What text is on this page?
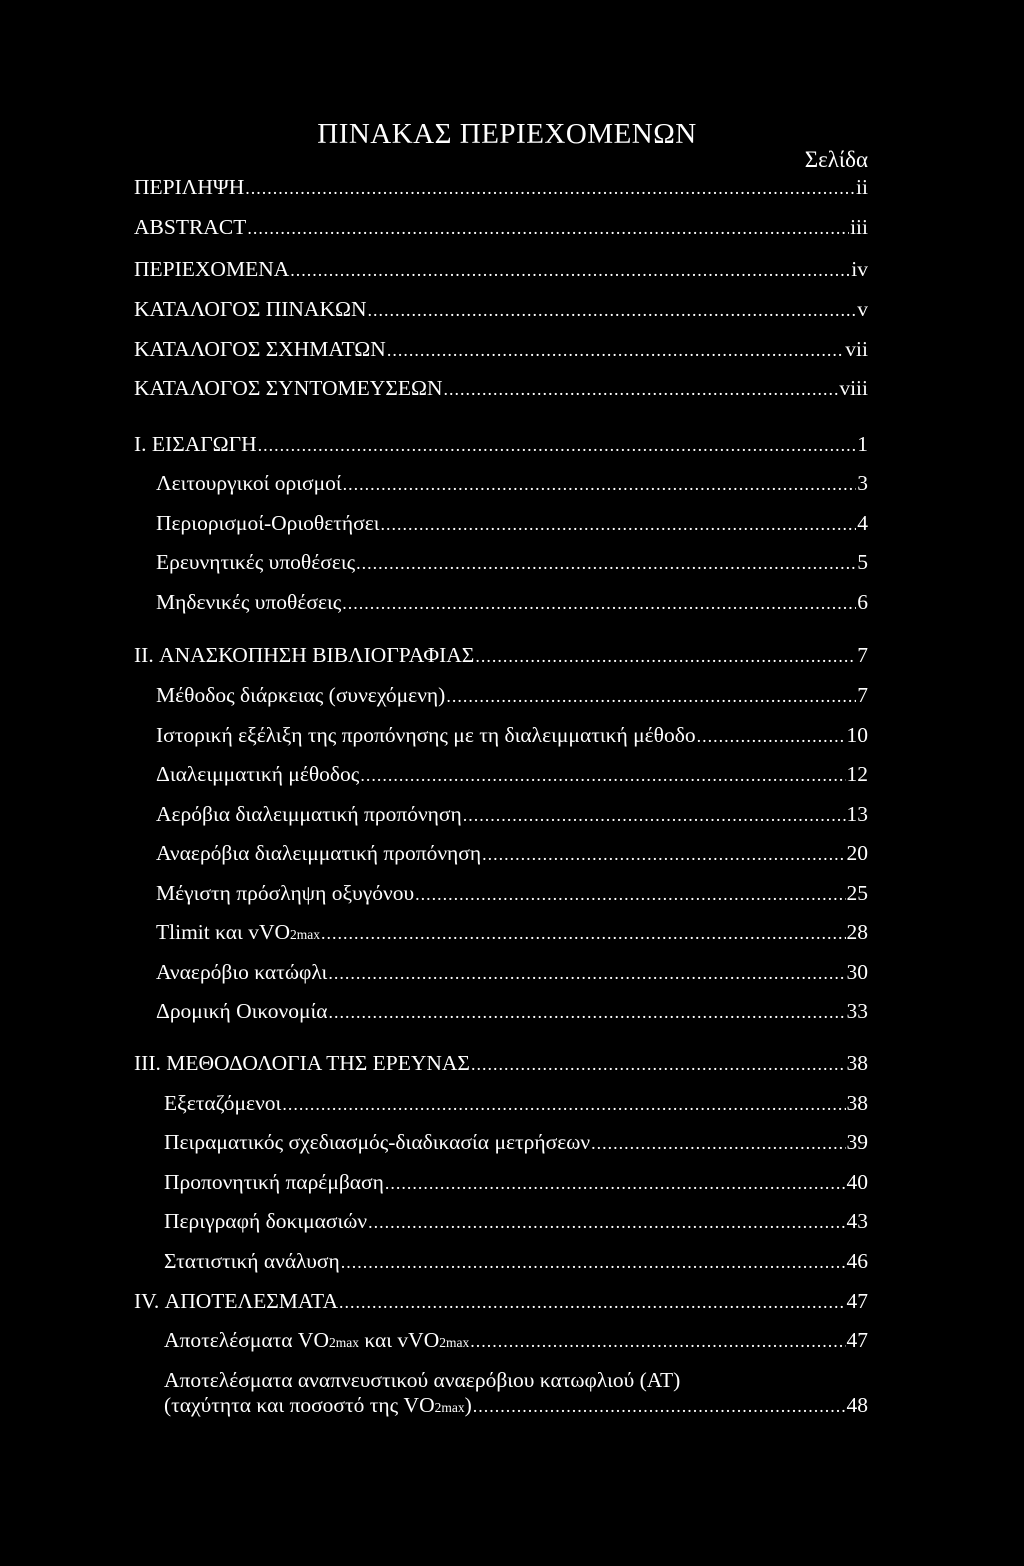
ΠΙΝΑΚΑΣ ΠΕΡΙΕΧΟΜΕΝΩΝ
Σελίδα
ΠΕΡΙΛΗΨΗ .....	ii
ABSTRACT .....	iii
ΠΕΡΙΕΧΟΜΕΝΑ .....	iv
ΚΑΤΑΛΟΓΟΣ ΠΙΝΑΚΩΝ .....	v
ΚΑΤΑΛΟΓΟΣ ΣΧΗΜΑΤΩΝ .....	vii
ΚΑΤΑΛΟΓΟΣ ΣΥΝΤΟΜΕΥΣΕΩΝ .....	viii
I. ΕΙΣΑΓΩΓΗ .....	1
Λειτουργικοί ορισμοί .....	3
Περιορισμοί-Οριοθετήσει .....	4
Ερευνητικές υποθέσεις .....	5
Μηδενικές υποθέσεις .....	6
II. ΑΝΑΣΚΟΠΗΣΗ ΒΙΒΛΙΟΓΡΑΦΙΑΣ .....	7
Μέθοδος διάρκειας (συνεχόμενη) .....	7
Ιστορική εξέλιξη της προπόνησης με τη διαλειμματική μέθοδο .....	10
Διαλειμματική μέθοδος .....	12
Αερόβια διαλειμματική προπόνηση .....	13
Αναερόβια διαλειμματική προπόνηση .....	20
Μέγιστη πρόσληψη οξυγόνου .....	25
Tlimit και vVO2max .....	28
Αναερόβιο κατώφλι .....	30
Δρομική Οικονομία .....	33
III. ΜΕΘΟΔΟΛΟΓΙΑ ΤΗΣ ΕΡΕΥΝΑΣ .....	38
Εξεταζόμενοι .....	38
Πειραματικός σχεδιασμός-διαδικασία μετρήσεων .....	39
Προπονητική παρέμβαση .....	40
Περιγραφή δοκιμασιών .....	43
Στατιστική ανάλυση .....	46
IV. ΑΠΟΤΕΛΕΣΜΑΤΑ .....	47
Αποτελέσματα VO2max και vVO2max .....	47
Αποτελέσματα αναπνευστικού αναερόβιου κατωφλιού (AT)
(ταχύτητα και ποσοστό της VO2max) .....	48
